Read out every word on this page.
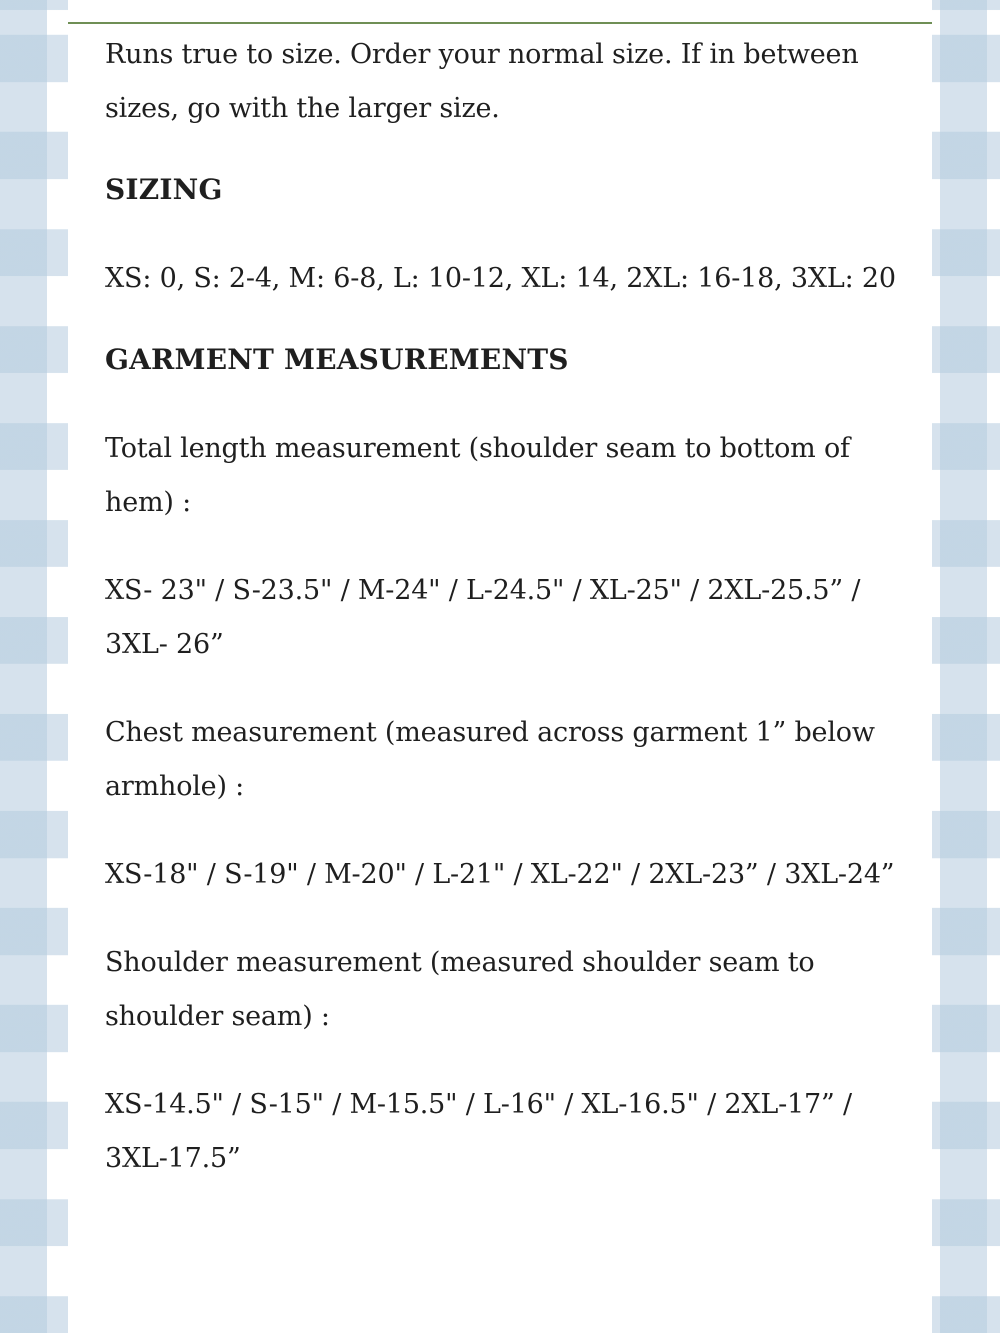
Runs true to size. Order your normal size. If in between sizes, go with the larger size.

SIZING

XS: 0, S: 2-4, M: 6-8, L: 10-12, XL: 14, 2XL: 16-18, 3XL: 20

GARMENT MEASUREMENTS

Total length measurement (shoulder seam to bottom of hem) :

XS- 23" / S-23.5" / M-24" / L-24.5" / XL-25" / 2XL-25.5” / 3XL- 26”

Chest measurement (measured across garment 1” below armhole) :

XS-18" / S-19" / M-20" / L-21" / XL-22" / 2XL-23” / 3XL-24”

Shoulder measurement (measured shoulder seam to shoulder seam) :

XS-14.5" / S-15" / M-15.5" / L-16" / XL-16.5" / 2XL-17” / 3XL-17.5”
